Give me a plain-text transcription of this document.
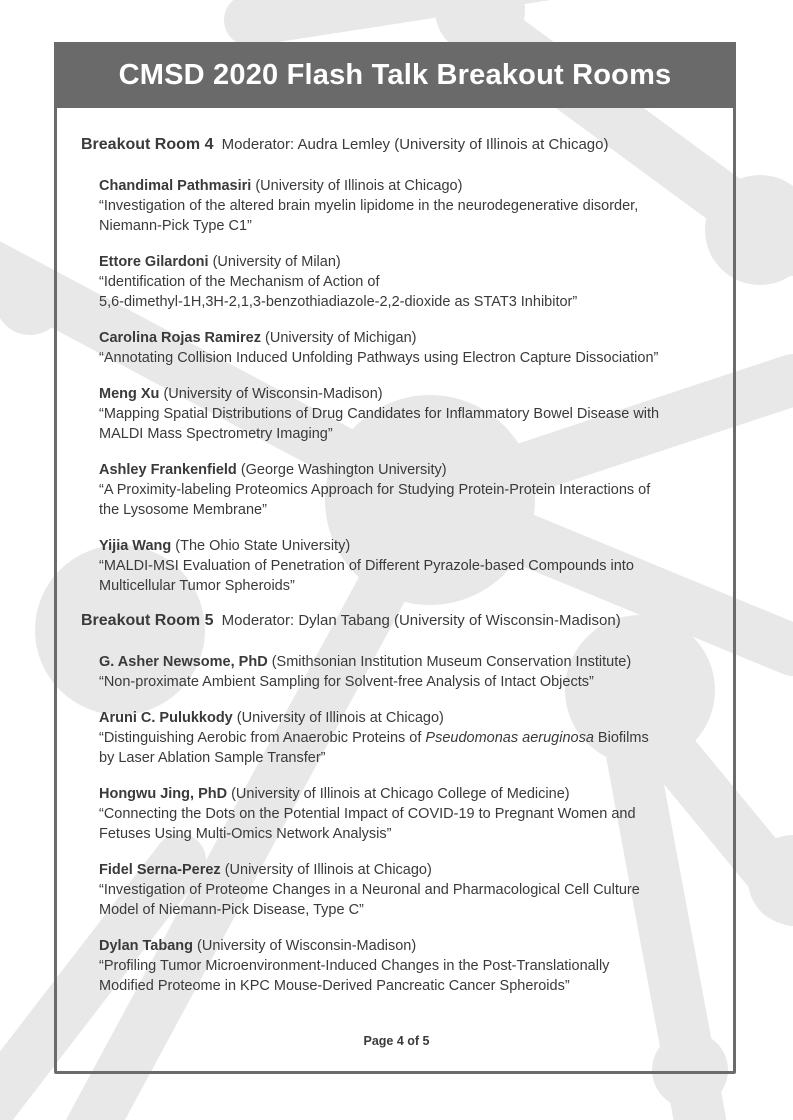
CMSD 2020 Flash Talk Breakout Rooms
Breakout Room 4 Moderator: Audra Lemley (University of Illinois at Chicago)
Chandimal Pathmasiri (University of Illinois at Chicago)
“Investigation of the altered brain myelin lipidome in the neurodegenerative disorder,
Niemann-Pick Type C1”
Ettore Gilardoni (University of Milan)
“Identification of the Mechanism of Action of
5,6-dimethyl-1H,3H-2,1,3-benzothiadiazole-2,2-dioxide as STAT3 Inhibitor”
Carolina Rojas Ramirez (University of Michigan)
“Annotating Collision Induced Unfolding Pathways using Electron Capture Dissociation”
Meng Xu (University of Wisconsin-Madison)
“Mapping Spatial Distributions of Drug Candidates for Inflammatory Bowel Disease with
MALDI Mass Spectrometry Imaging”
Ashley Frankenfield (George Washington University)
“A Proximity-labeling Proteomics Approach for Studying Protein-Protein Interactions of
the Lysosome Membrane”
Yijia Wang (The Ohio State University)
“MALDI-MSI Evaluation of Penetration of Different Pyrazole-based Compounds into
Multicellular Tumor Spheroids”
Breakout Room 5 Moderator: Dylan Tabang (University of Wisconsin-Madison)
G. Asher Newsome, PhD (Smithsonian Institution Museum Conservation Institute)
“Non-proximate Ambient Sampling for Solvent-free Analysis of Intact Objects”
Aruni C. Pulukkody (University of Illinois at Chicago)
“Distinguishing Aerobic from Anaerobic Proteins of Pseudomonas aeruginosa Biofilms
by Laser Ablation Sample Transfer”
Hongwu Jing, PhD (University of Illinois at Chicago College of Medicine)
“Connecting the Dots on the Potential Impact of COVID-19 to Pregnant Women and
Fetuses Using Multi-Omics Network Analysis”
Fidel Serna-Perez (University of Illinois at Chicago)
“Investigation of Proteome Changes in a Neuronal and Pharmacological Cell Culture
Model of Niemann-Pick Disease, Type C”
Dylan Tabang (University of Wisconsin-Madison)
“Profiling Tumor Microenvironment-Induced Changes in the Post-Translationally
Modified Proteome in KPC Mouse-Derived Pancreatic Cancer Spheroids”
Page 4 of 5
